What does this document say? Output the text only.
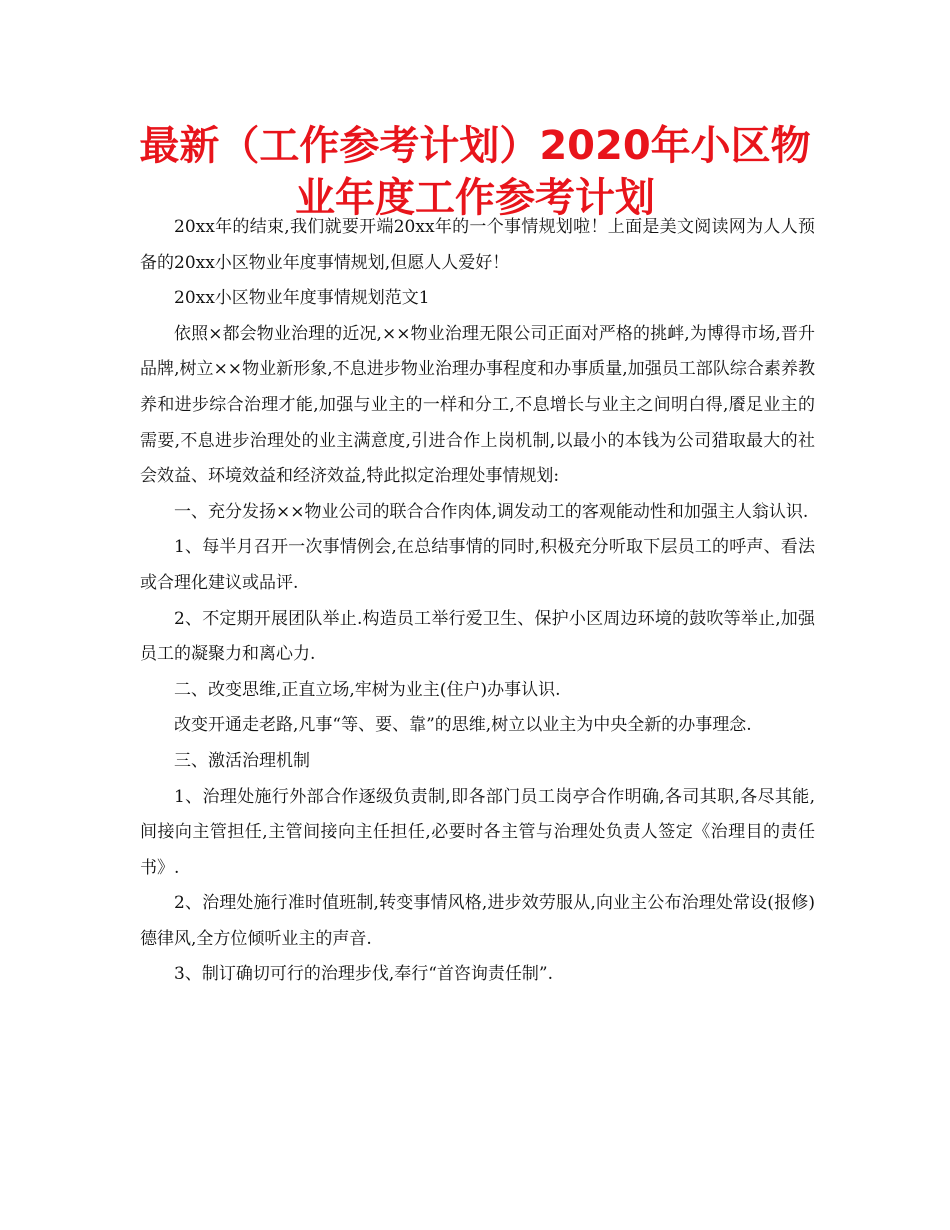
最新（工作参考计划）2020年小区物业年度工作参考计划

20xx年的结束,我们就要开端20xx年的一个事情规划啦！上面是美文阅读网为人人预备的20xx小区物业年度事情规划,但愿人人爱好！

20xx小区物业年度事情规划范文1

依照×都会物业治理的近况,××物业治理无限公司正面对严格的挑衅,为博得市场,晋升品牌,树立××物业新形象,不息进步物业治理办事程度和办事质量,加强员工部队综合素养教养和进步综合治理才能,加强与业主的一样和分工,不息增长与业主之间明白得,餍足业主的需要,不息进步治理处的业主满意度,引进合作上岗机制,以最小的本钱为公司猎取最大的社会效益、环境效益和经济效益,特此拟定治理处事情规划:

一、充分发扬××物业公司的联合合作肉体,调发动工的客观能动性和加强主人翁认识.

1、每半月召开一次事情例会,在总结事情的同时,积极充分听取下层员工的呼声、看法或合理化建议或品评.

2、不定期开展团队举止.构造员工举行爱卫生、保护小区周边环境的鼓吹等举止,加强员工的凝聚力和离心力.

二、改变思维,正直立场,牢树为业主(住户)办事认识.

改变开通走老路,凡事“等、要、靠”的思维,树立以业主为中央全新的办事理念.

三、激活治理机制

1、治理处施行外部合作逐级负责制,即各部门员工岗亭合作明确,各司其职,各尽其能,间接向主管担任,主管间接向主任担任,必要时各主管与治理处负责人签定《治理目的责任书》.

2、治理处施行准时值班制,转变事情风格,进步效劳服从,向业主公布治理处常设(报修)德律风,全方位倾听业主的声音.

3、制订确切可行的治理步伐,奉行“首咨询责任制”.
